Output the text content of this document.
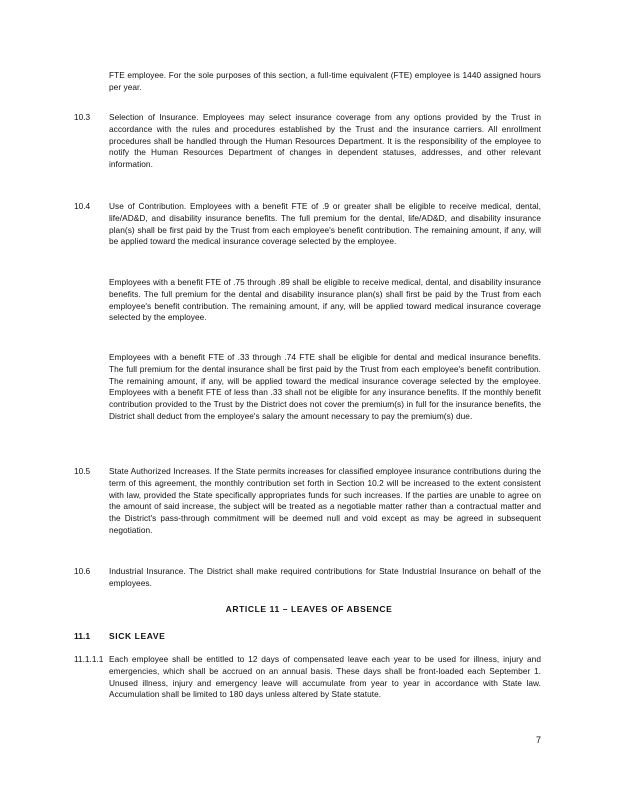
FTE employee. For the sole purposes of this section, a full-time equivalent (FTE) employee is 1440 assigned hours per year.
10.3 Selection of Insurance. Employees may select insurance coverage from any options provided by the Trust in accordance with the rules and procedures established by the Trust and the insurance carriers. All enrollment procedures shall be handled through the Human Resources Department. It is the responsibility of the employee to notify the Human Resources Department of changes in dependent statuses, addresses, and other relevant information.
10.4 Use of Contribution. Employees with a benefit FTE of .9 or greater shall be eligible to receive medical, dental, life/AD&D, and disability insurance benefits. The full premium for the dental, life/AD&D, and disability insurance plan(s) shall be first paid by the Trust from each employee's benefit contribution. The remaining amount, if any, will be applied toward the medical insurance coverage selected by the employee.
Employees with a benefit FTE of .75 through .89 shall be eligible to receive medical, dental, and disability insurance benefits. The full premium for the dental and disability insurance plan(s) shall first be paid by the Trust from each employee's benefit contribution. The remaining amount, if any, will be applied toward medical insurance coverage selected by the employee.
Employees with a benefit FTE of .33 through .74 FTE shall be eligible for dental and medical insurance benefits. The full premium for the dental insurance shall be first paid by the Trust from each employee's benefit contribution. The remaining amount, if any, will be applied toward the medical insurance coverage selected by the employee. Employees with a benefit FTE of less than .33 shall not be eligible for any insurance benefits. If the monthly benefit contribution provided to the Trust by the District does not cover the premium(s) in full for the insurance benefits, the District shall deduct from the employee's salary the amount necessary to pay the premium(s) due.
10.5 State Authorized Increases. If the State permits increases for classified employee insurance contributions during the term of this agreement, the monthly contribution set forth in Section 10.2 will be increased to the extent consistent with law, provided the State specifically appropriates funds for such increases. If the parties are unable to agree on the amount of said increase, the subject will be treated as a negotiable matter rather than a contractual matter and the District's pass-through commitment will be deemed null and void except as may be agreed in subsequent negotiation.
10.6 Industrial Insurance. The District shall make required contributions for State Industrial Insurance on behalf of the employees.
ARTICLE 11 – LEAVES OF ABSENCE
11.1 SICK LEAVE
11.1.1.1 Each employee shall be entitled to 12 days of compensated leave each year to be used for illness, injury and emergencies, which shall be accrued on an annual basis. These days shall be front-loaded each September 1. Unused illness, injury and emergency leave will accumulate from year to year in accordance with State law. Accumulation shall be limited to 180 days unless altered by State statute.
7
